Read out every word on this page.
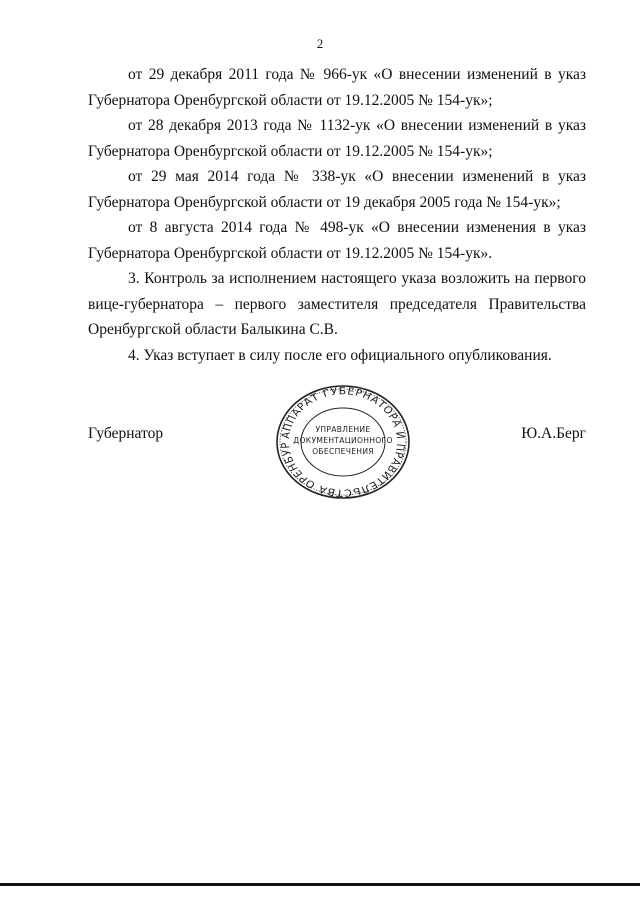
2

от 29 декабря 2011 года № 966-ук «О внесении изменений в указ Губернатора Оренбургской области от 19.12.2005 № 154-ук»;

от 28 декабря 2013 года № 1132-ук «О внесении изменений в указ Губернатора Оренбургской области от 19.12.2005 № 154-ук»;

от 29 мая 2014 года № 338-ук «О внесении изменений в указ Губернатора Оренбургской области от 19 декабря 2005 года № 154-ук»;

от 8 августа 2014 года № 498-ук «О внесении изменения в указ Губернатора Оренбургской области от 19.12.2005 № 154-ук».

3. Контроль за исполнением настоящего указа возложить на первого вице-губернатора – первого заместителя председателя Правительства Оренбургской области Балыкина С.В.

4. Указ вступает в силу после его официального опубликования.

Губернатор	Ю.А.Берг
АППАРАТ ГУБЕРНАТОРА И ПРАВИТЕЛЬСТВА ОРЕНБУР
УПРАВЛЕНИЕ
ДОКУМЕНТАЦИОННОГО
ОБЕСПЕЧЕНИЯ
